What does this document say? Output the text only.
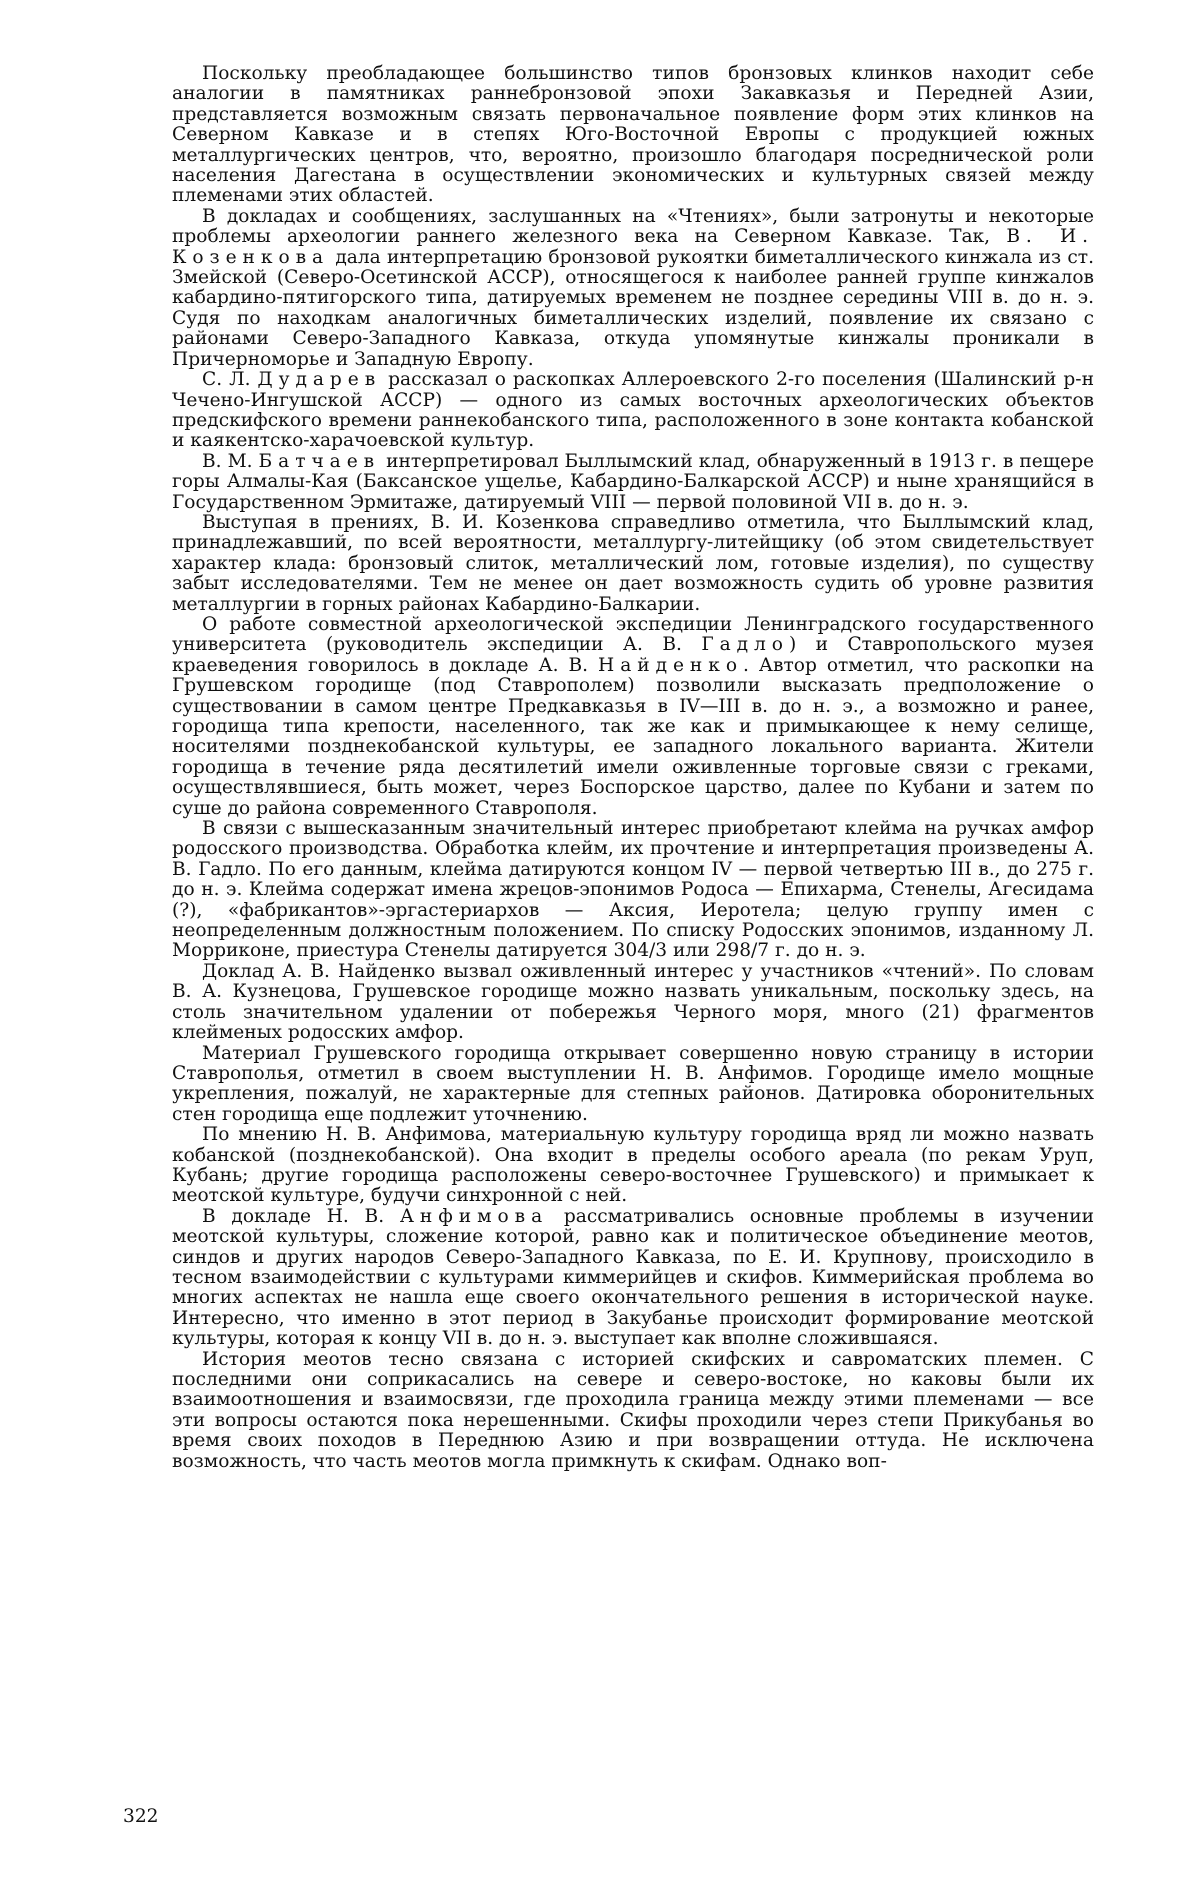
Поскольку преобладающее большинство типов бронзовых клинков находит себе аналогии в памятниках раннебронзовой эпохи Закавказья и Передней Азии, представляется возможным связать первоначальное появление форм этих клинков на Северном Кавказе и в степях Юго-Восточной Европы с продукцией южных металлургических центров, что, вероятно, произошло благодаря посреднической роли населения Дагестана в осуществлении экономических и культурных связей между племенами этих областей.

В докладах и сообщениях, заслушанных на «Чтениях», были затронуты и некоторые проблемы археологии раннего железного века на Северном Кавказе. Так, В. И. Козенкова дала интерпретацию бронзовой рукоятки биметаллического кинжала из ст. Змейской (Северо-Осетинской АССР), относящегося к наиболее ранней группе кинжалов кабардино-пятигорского типа, датируемых временем не позднее середины VIII в. до н. э. Судя по находкам аналогичных биметаллических изделий, появление их связано с районами Северо-Западного Кавказа, откуда упомянутые кинжалы проникали в Причерноморье и Западную Европу.

С. Л. Дударев рассказал о раскопках Аллероевского 2-го поселения (Шалинский р-н Чечено-Ингушской АССР) — одного из самых восточных археологических объектов предскифского времени раннекобанского типа, расположенного в зоне контакта кобанской и каякентско-харачоевской культур.

В. М. Батчаев интерпретировал Быллымский клад, обнаруженный в 1913 г. в пещере горы Алмалы-Кая (Баксанское ущелье, Кабардино-Балкарской АССР) и ныне хранящийся в Государственном Эрмитаже, датируемый VIII — первой половиной VII в. до н. э.

Выступая в прениях, В. И. Козенкова справедливо отметила, что Быллымский клад, принадлежавший, по всей вероятности, металлургу-литейщику (об этом свидетельствует характер клада: бронзовый слиток, металлический лом, готовые изделия), по существу забыт исследователями. Тем не менее он дает возможность судить об уровне развития металлургии в горных районах Кабардино-Балкарии.

О работе совместной археологической экспедиции Ленинградского государственного университета (руководитель экспедиции А. В. Гадло) и Ставропольского музея краеведения говорилось в докладе А. В. Найденко. Автор отметил, что раскопки на Грушевском городище (под Ставрополем) позволили высказать предположение о существовании в самом центре Предкавказья в IV—III в. до н. э., а возможно и ранее, городища типа крепости, населенного, так же как и примыкающее к нему селище, носителями позднекобанской культуры, ее западного локального варианта. Жители городища в течение ряда десятилетий имели оживленные торговые связи с греками, осуществлявшиеся, быть может, через Боспорское царство, далее по Кубани и затем по суше до района современного Ставрополя.

В связи с вышесказанным значительный интерес приобретают клейма на ручках амфор родосского производства. Обработка клейм, их прочтение и интерпретация произведены А. В. Гадло. По его данным, клейма датируются концом IV — первой четвертью III в., до 275 г. до н. э. Клейма содержат имена жрецов-эпонимов Родоса — Епихарма, Стенелы, Агесидама (?), «фабрикантов»-эргастериархов — Аксия, Иеротела; целую группу имен с неопределенным должностным положением. По списку Родосских эпонимов, изданному Л. Морриконе, приестура Стенелы датируется 304/3 или 298/7 г. до н. э.

Доклад А. В. Найденко вызвал оживленный интерес у участников «чтений». По словам В. А. Кузнецова, Грушевское городище можно назвать уникальным, поскольку здесь, на столь значительном удалении от побережья Черного моря, много (21) фрагментов клейменых родосских амфор.

Материал Грушевского городища открывает совершенно новую страницу в истории Ставрополья, отметил в своем выступлении Н. В. Анфимов. Городище имело мощные укрепления, пожалуй, не характерные для степных районов. Датировка оборонительных стен городища еще подлежит уточнению.

По мнению Н. В. Анфимова, материальную культуру городища вряд ли можно назвать кобанской (позднекобанской). Она входит в пределы особого ареала (по рекам Уруп, Кубань; другие городища расположены северо-восточнее Грушевского) и примыкает к меотской культуре, будучи синхронной с ней.

В докладе Н. В. Анфимова рассматривались основные проблемы в изучении меотской культуры, сложение которой, равно как и политическое объединение меотов, синдов и других народов Северо-Западного Кавказа, по Е. И. Крупнову, происходило в тесном взаимодействии с культурами киммерийцев и скифов. Киммерийская проблема во многих аспектах не нашла еще своего окончательного решения в исторической науке. Интересно, что именно в этот период в Закубанье происходит формирование меотской культуры, которая к концу VII в. до н. э. выступает как вполне сложившаяся.

История меотов тесно связана с историей скифских и савроматских племен. С последними они соприкасались на севере и северо-востоке, но каковы были их взаимоотношения и взаимосвязи, где проходила граница между этими племенами — все эти вопросы остаются пока нерешенными. Скифы проходили через степи Прикубанья во время своих походов в Переднюю Азию и при возвращении оттуда. Не исключена возможность, что часть меотов могла примкнуть к скифам. Однако воп-

322
